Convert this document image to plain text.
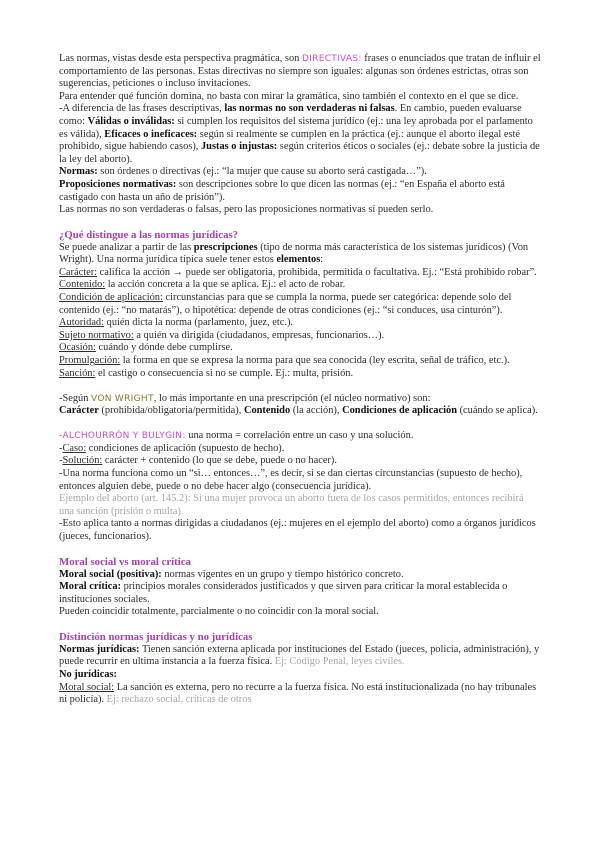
Las normas, vistas desde esta perspectiva pragmática, son DIRECTIVAS: frases o enunciados que tratan de influir el comportamiento de las personas. Estas directivas no siempre son iguales: algunas son órdenes estrictas, otras son sugerencias, peticiones o incluso invitaciones.

Para entender qué función domina, no basta con mirar la gramática, sino también el contexto en el que se dice.

-A diferencia de las frases descriptivas, las normas no son verdaderas ni falsas. En cambio, pueden evaluarse como: Válidas o inválidas: si cumplen los requisitos del sistema jurídico (ej.: una ley aprobada por el parlamento es válida), Eficaces o ineficaces: según si realmente se cumplen en la práctica (ej.: aunque el aborto ilegal esté prohibido, sigue habiendo casos), Justas o injustas: según criterios éticos o sociales (ej.: debate sobre la justicia de la ley del aborto).

Normas: son órdenes o directivas (ej.: “la mujer que cause su aborto será castigada…”).

Proposiciones normativas: son descripciones sobre lo que dicen las normas (ej.: “en España el aborto está castigado con hasta un año de prisión”).

Las normas no son verdaderas o falsas, pero las proposiciones normativas sí pueden serlo.

¿Qué distingue a las normas jurídicas?

Se puede analizar a partir de las prescripciones (tipo de norma más característica de los sistemas jurídicos) (Von Wright). Una norma jurídica típica suele tener estos elementos:

Carácter: califica la acción → puede ser obligatoria, prohibida, permitida o facultativa. Ej.: “Está prohibido robar”.

Contenido: la acción concreta a la que se aplica. Ej.: el acto de robar.

Condición de aplicación: circunstancias para que se cumpla la norma, puede ser categórica: depende solo del contenido (ej.: “no matarás”), o hipotética: depende de otras condiciones (ej.: “si conduces, usa cinturón”).

Autoridad: quién dicta la norma (parlamento, juez, etc.).

Sujeto normativo: a quién va dirigida (ciudadanos, empresas, funcionarios…).

Ocasión: cuándo y dónde debe cumplirse.

Promulgación: la forma en que se expresa la norma para que sea conocida (ley escrita, señal de tráfico, etc.).

Sanción: el castigo o consecuencia si no se cumple. Ej.: multa, prisión.

-Según VON WRIGHT, lo más importante en una prescripción (el núcleo normativo) son:

Carácter (prohibida/obligatoria/permitida), Contenido (la acción), Condiciones de aplicación (cuándo se aplica).

-ALCHOURRÓN Y BULYGIN: una norma = correlación entre un caso y una solución.

-Caso: condiciones de aplicación (supuesto de hecho).

-Solución: carácter + contenido (lo que se debe, puede o no hacer).

-Una norma funciona como un “si… entonces…”, es decir, si se dan ciertas circunstancias (supuesto de hecho), entonces alguien debe, puede o no debe hacer algo (consecuencia jurídica).

Ejemplo del aborto (art. 145.2): Si una mujer provoca un aborto fuera de los casos permitidos, entonces recibirá una sanción (prisión o multa).

-Esto aplica tanto a normas dirigidas a ciudadanos (ej.: mujeres en el ejemplo del aborto) como a órganos jurídicos (jueces, funcionarios).

Moral social vs moral crítica

Moral social (positiva): normas vigentes en un grupo y tiempo histórico concreto.

Moral crítica: principios morales considerados justificados y que sirven para criticar la moral establecida o instituciones sociales.

Pueden coincidir totalmente, parcialmente o no coincidir con la moral social.

Distinción normas jurídicas y no jurídicas

Normas jurídicas: Tienen sanción externa aplicada por instituciones del Estado (jueces, policía, administración), y puede recurrir en ultima instancia a la fuerza física. Ej: Código Penal, leyes civiles.

No jurídicas:

Moral social: La sanción es externa, pero no recurre a la fuerza física. No está institucionalizada (no hay tribunales ni policía). Ej: rechazo social, críticas de otros
